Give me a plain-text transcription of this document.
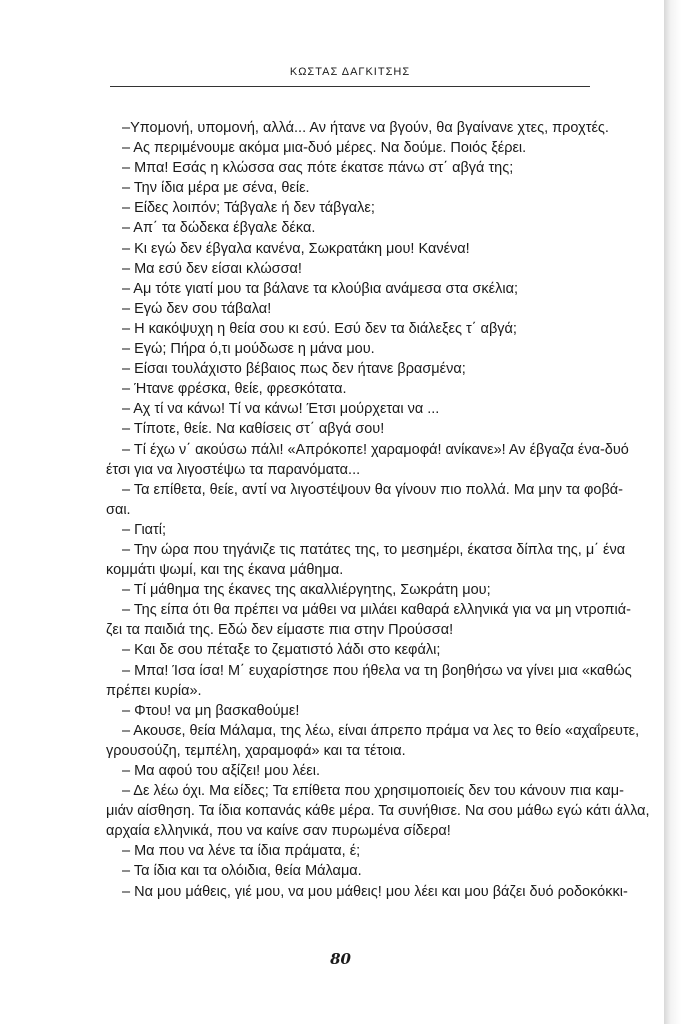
ΚΩΣΤΑΣ ΔΑΓΚΙΤΣΗΣ
–Υπομονή, υπομονή, αλλά... Αν ήτανε να βγούν, θα βγαίνανε χτες, προχτές.
– Ας περιμένουμε ακόμα μια-δυό μέρες. Να δούμε. Ποιός ξέρει.
– Μπα! Εσάς η κλώσσα σας πότε έκατσε πάνω στ΄ αβγά της;
– Την ίδια μέρα με σένα, θείε.
– Είδες λοιπόν; Τάβγαλε ή δεν τάβγαλε;
– Απ΄ τα δώδεκα έβγαλε δέκα.
– Κι εγώ δεν έβγαλα κανένα, Σωκρατάκη μου! Κανένα!
– Μα εσύ δεν είσαι κλώσσα!
– Αμ τότε γιατί μου τα βάλανε τα κλούβια ανάμεσα στα σκέλια;
– Εγώ δεν σου τάβαλα!
– Η κακόψυχη η θεία σου κι εσύ. Εσύ δεν τα διάλεξες τ΄ αβγά;
– Εγώ; Πήρα ό,τι μούδωσε η μάνα μου.
– Είσαι τουλάχιστο βέβαιος πως δεν ήτανε βρασμένα;
– Ήτανε φρέσκα, θείε, φρεσκότατα.
– Αχ τί να κάνω! Τί να κάνω! Έτσι μούρχεται να ...
– Τίποτε, θείε. Να καθίσεις στ΄ αβγά σου!
– Τί έχω ν΄ ακούσω πάλι! «Απρόκοπε! χαραμοφά! ανίκανε»! Αν έβγαζα ένα-δυό
έτσι για να λιγοστέψω τα παρανόματα...
– Τα επίθετα, θείε, αντί να λιγοστέψουν θα γίνουν πιο πολλά. Μα μην τα φοβά-
σαι.
– Γιατί;
– Την ώρα που τηγάνιζε τις πατάτες της, το μεσημέρι, έκατσα δίπλα της, μ΄ ένα
κομμάτι ψωμί, και της έκανα μάθημα.
– Τί μάθημα της έκανες της ακαλλιέργητης, Σωκράτη μου;
– Της είπα ότι θα πρέπει να μάθει να μιλάει καθαρά ελληνικά για να μη ντροπιά-
ζει τα παιδιά της. Εδώ δεν είμαστε πια στην Προύσσα!
– Και δε σου πέταξε το ζεματιστό λάδι στο κεφάλι;
– Μπα! Ίσα ίσα! Μ΄ ευχαρίστησε που ήθελα να τη βοηθήσω να γίνει μια «καθώς
πρέπει κυρία».
– Φτου! να μη βασκαθούμε!
– Ακουσε, θεία Μάλαμα, της λέω, είναι άπρεπο πράμα να λες το θείο «αχαΐρευτε,
γρουσούζη, τεμπέλη, χαραμοφά» και τα τέτοια.
– Μα αφού του αξίζει! μου λέει.
– Δε λέω όχι. Μα είδες; Τα επίθετα που χρησιμοποιείς δεν του κάνουν πια καμ-
μιάν αίσθηση. Τα ίδια κοπανάς κάθε μέρα. Τα συνήθισε. Να σου μάθω εγώ κάτι άλλα,
αρχαία ελληνικά, που να καίνε σαν πυρωμένα σίδερα!
– Μα που να λένε τα ίδια πράματα, έ;
– Τα ίδια και τα ολόιδια, θεία Μάλαμα.
– Να μου μάθεις, γιέ μου, να μου μάθεις! μου λέει και μου βάζει δυό ροδοκόκκι-
80
